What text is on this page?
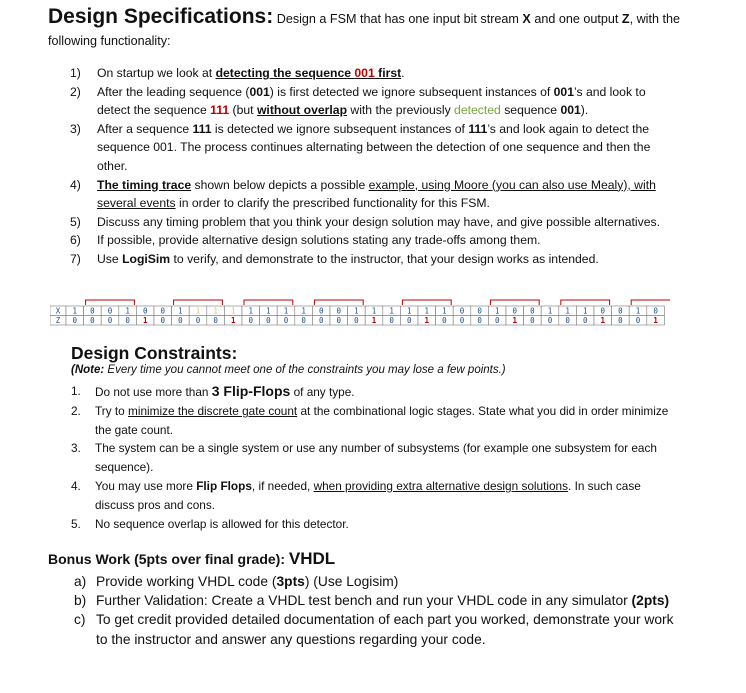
Design Specifications: Design a FSM that has one input bit stream X and one output Z, with the
following functionality:
1) On startup we look at detecting the sequence 001 first.
2) After the leading sequence (001) is first detected we ignore subsequent instances of 001’s and look to detect the sequence 111 (but without overlap with the previously detected sequence 001).
3) After a sequence 111 is detected we ignore subsequent instances of 111’s and look again to detect the sequence 001. The process continues alternating between the detection of one sequence and then the other.
4) The timing trace shown below depicts a possible example, using Moore (you can also use Mealy), with several events in order to clarify the prescribed functionality for this FSM.
5) Discuss any timing problem that you think your design solution may have, and give possible alternatives.
6) If possible, provide alternative design solutions stating any trade-offs among them.
7) Use LogiSim to verify, and demonstrate to the instructor, that your design works as intended.
X
Z
1 0 0 1 0 0 1 1 1 1 1 1 1 1 0 0 1 1 1 1 1 1 0 0 1 0 0 1 1 1 0 0 1 0
0 0 0 0 1 0 0 0 0 1 0 0 0 0 0 0 0 1 0 0 1 0 0 0 0 1 0 0 0 0 1 0 0 1
Design Constraints:
(Note: Every time you cannot meet one of the constraints you may lose a few points.)
1. Do not use more than 3 Flip-Flops of any type.
2. Try to minimize the discrete gate count at the combinational logic stages. State what you did in order minimize the gate count.
3. The system can be a single system or use any number of subsystems (for example one subsystem for each sequence).
4. You may use more Flip Flops, if needed, when providing extra alternative design solutions. In such case discuss pros and cons.
5. No sequence overlap is allowed for this detector.
Bonus Work (5pts over final grade): VHDL
a) Provide working VHDL code (3pts) (Use Logisim)
b) Further Validation: Create a VHDL test bench and run your VHDL code in any simulator (2pts)
c) To get credit provided detailed documentation of each part you worked, demonstrate your work to the instructor and answer any questions regarding your code.
